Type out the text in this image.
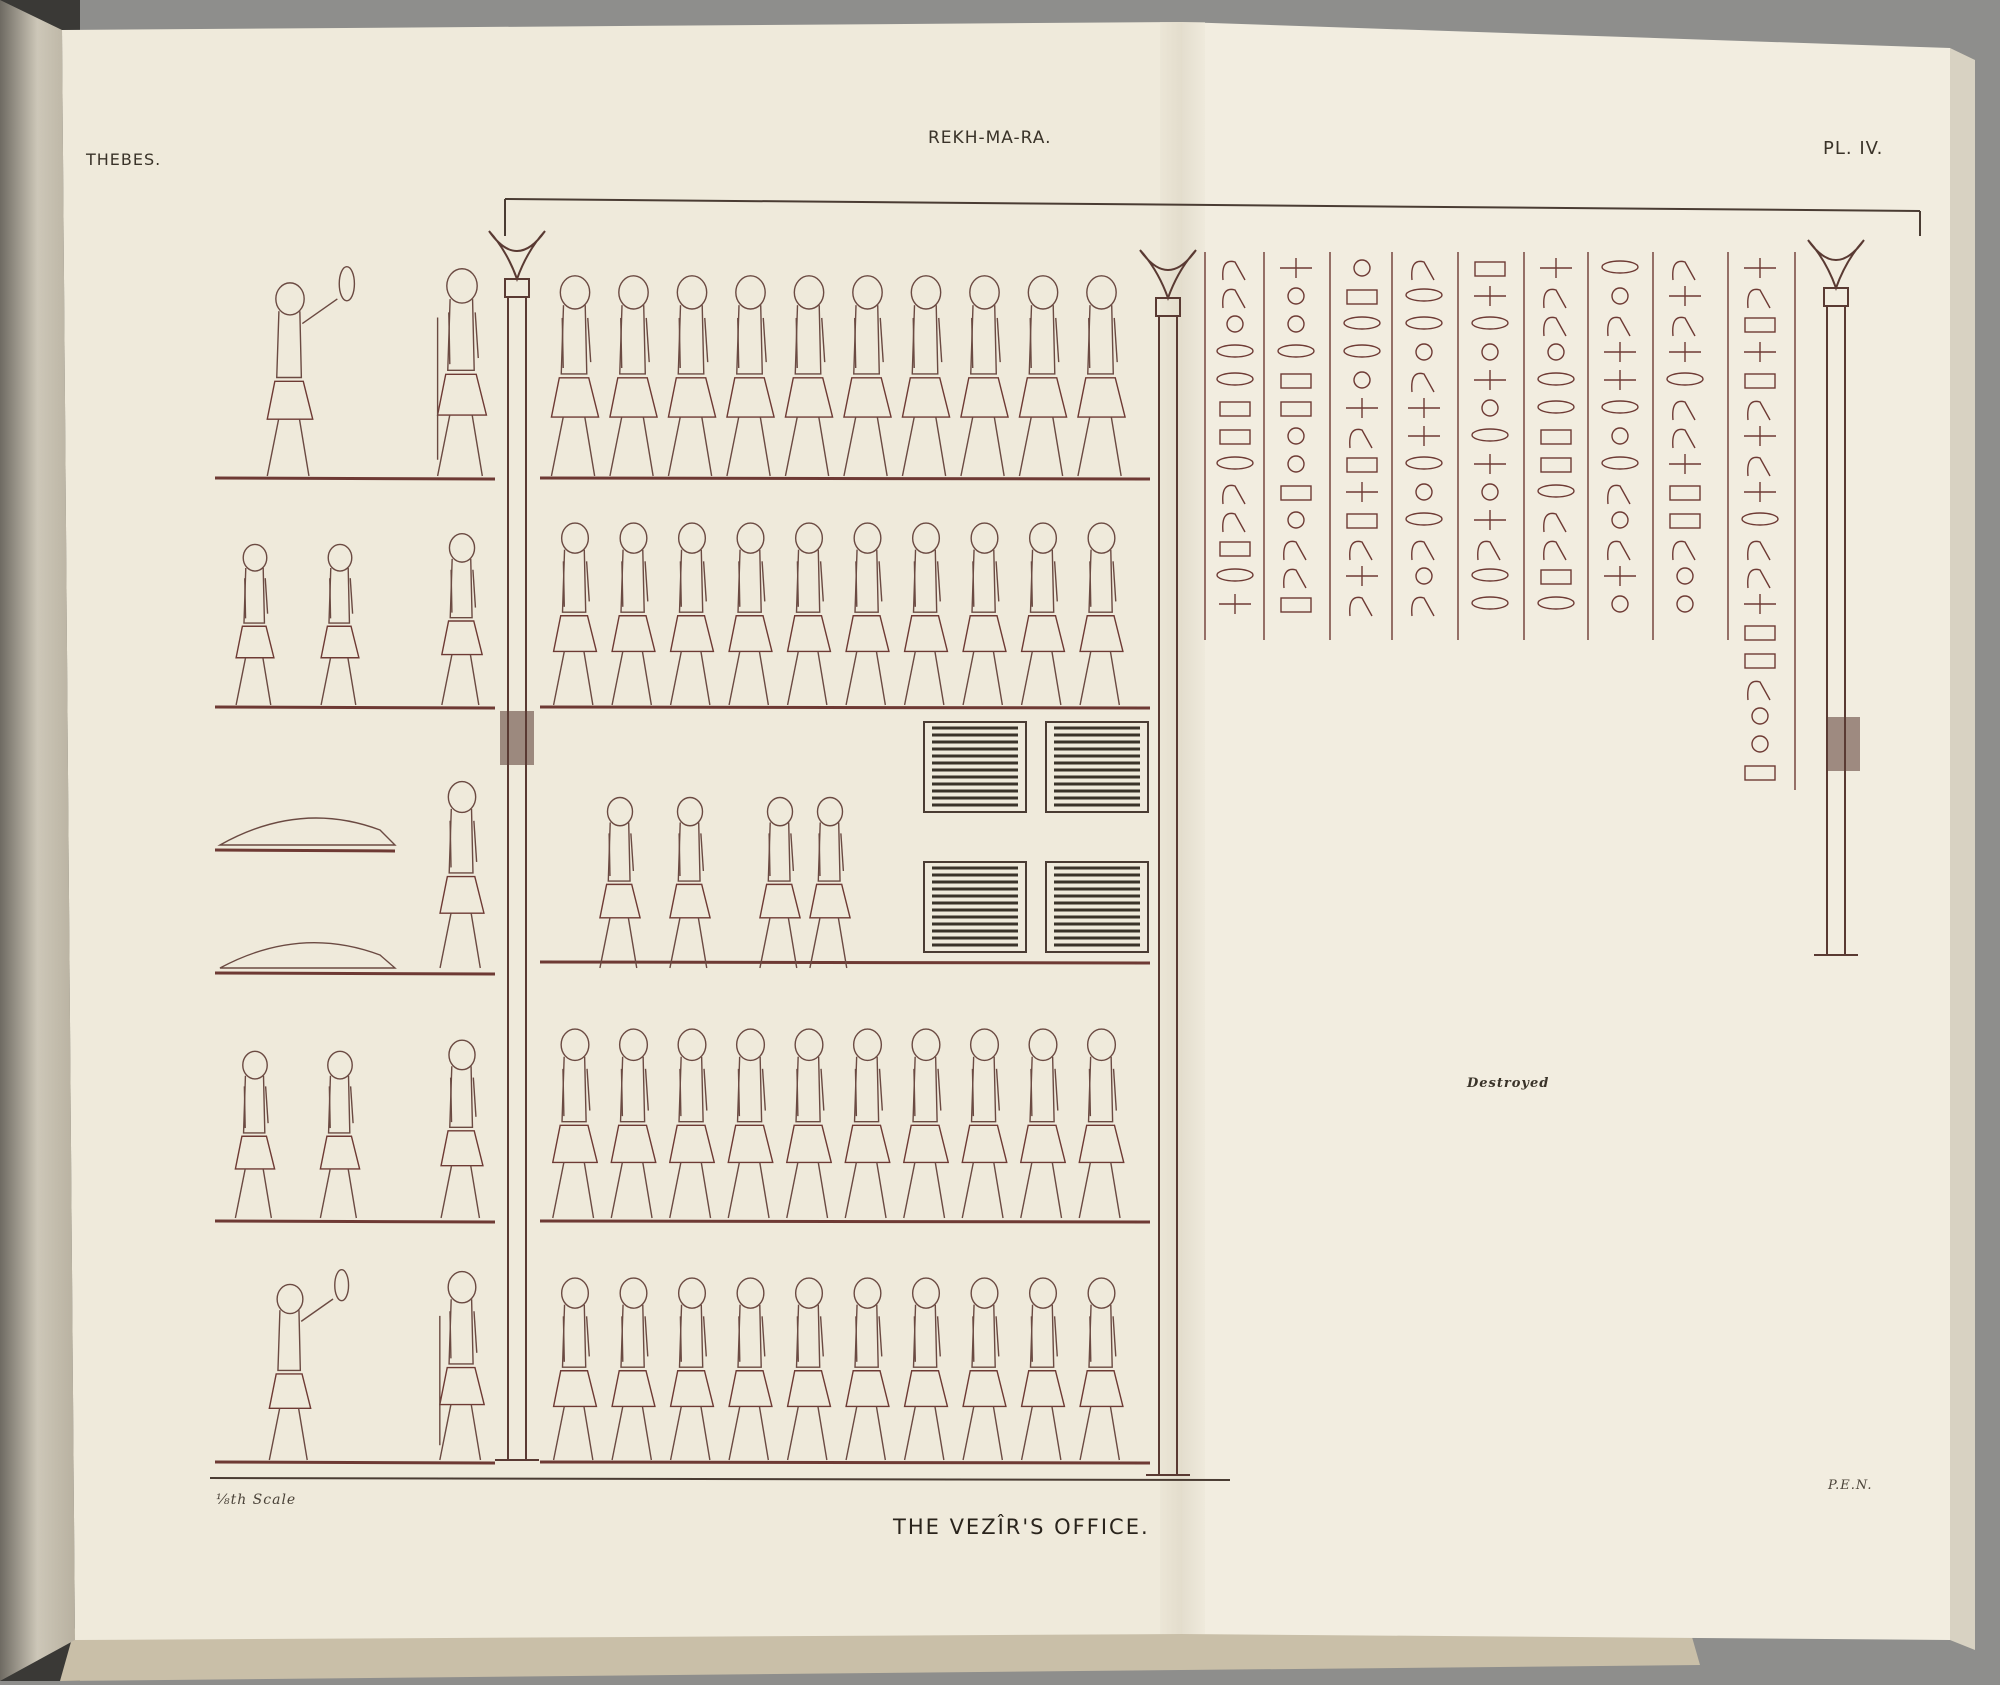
THEBES.
REKH-MA-RA.	PL. IV.
Destroyed
⅛th Scale
P.E.N.
THE VEZÎR'S OFFICE.
